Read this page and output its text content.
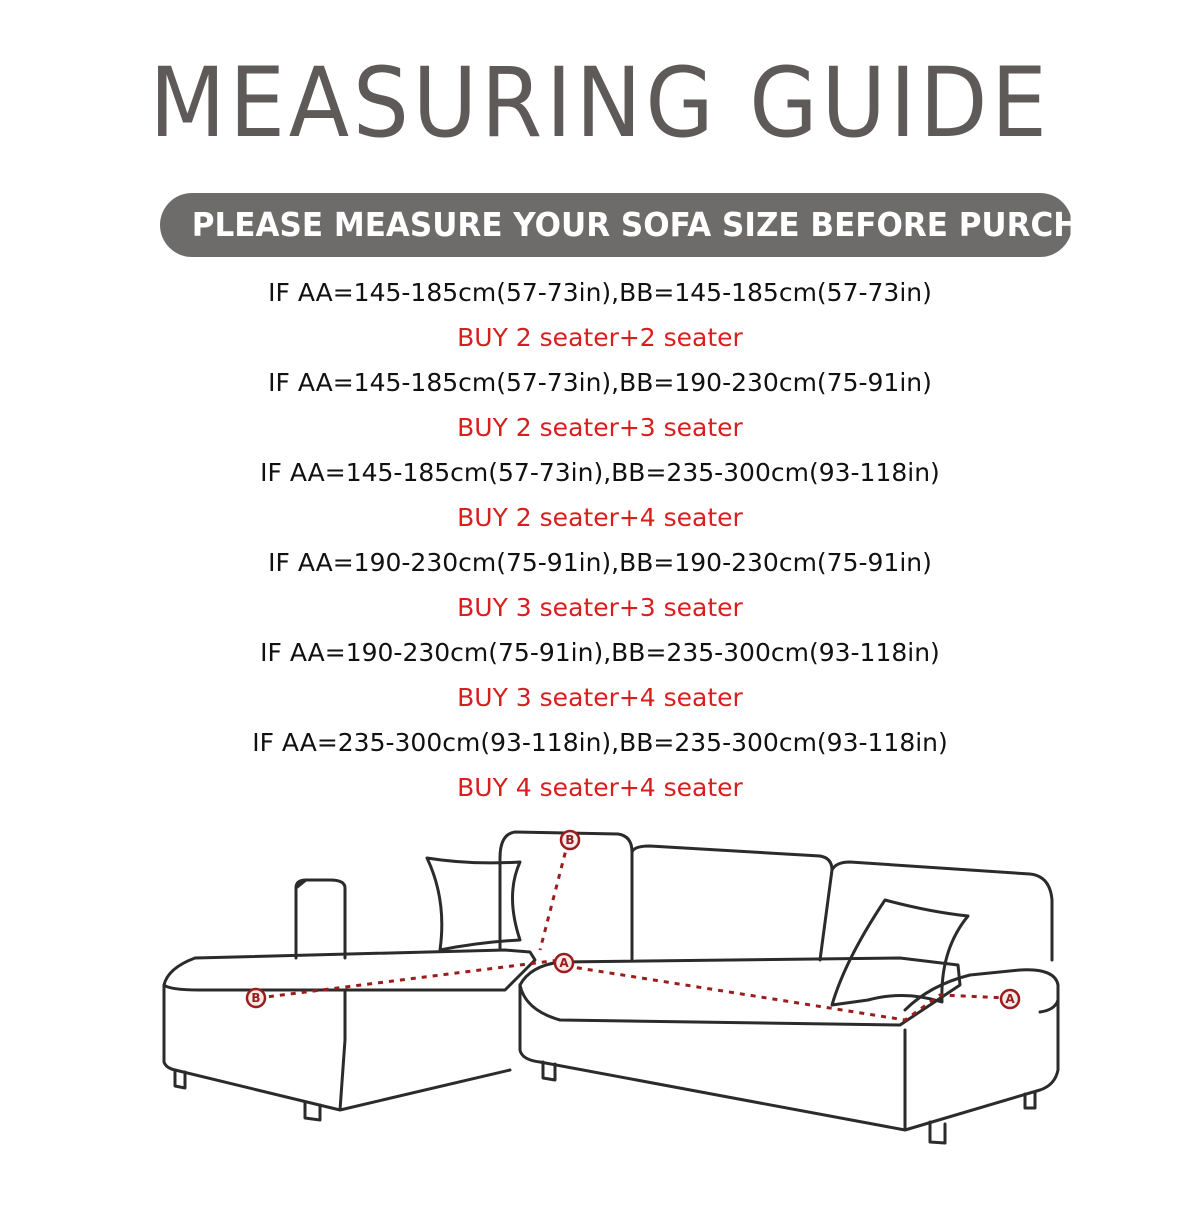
MEASURING GUIDE
PLEASE MEASURE YOUR SOFA SIZE BEFORE PURCHASING
IF AA=145-185cm(57-73in),BB=145-185cm(57-73in)
BUY 2 seater+2 seater
IF AA=145-185cm(57-73in),BB=190-230cm(75-91in)
BUY 2 seater+3 seater
IF AA=145-185cm(57-73in),BB=235-300cm(93-118in)
BUY 2 seater+4 seater
IF AA=190-230cm(75-91in),BB=190-230cm(75-91in)
BUY 3 seater+3 seater
IF AA=190-230cm(75-91in),BB=235-300cm(93-118in)
BUY 3 seater+4 seater
IF AA=235-300cm(93-118in),BB=235-300cm(93-118in)
BUY 4 seater+4 seater
B
B
A
A
